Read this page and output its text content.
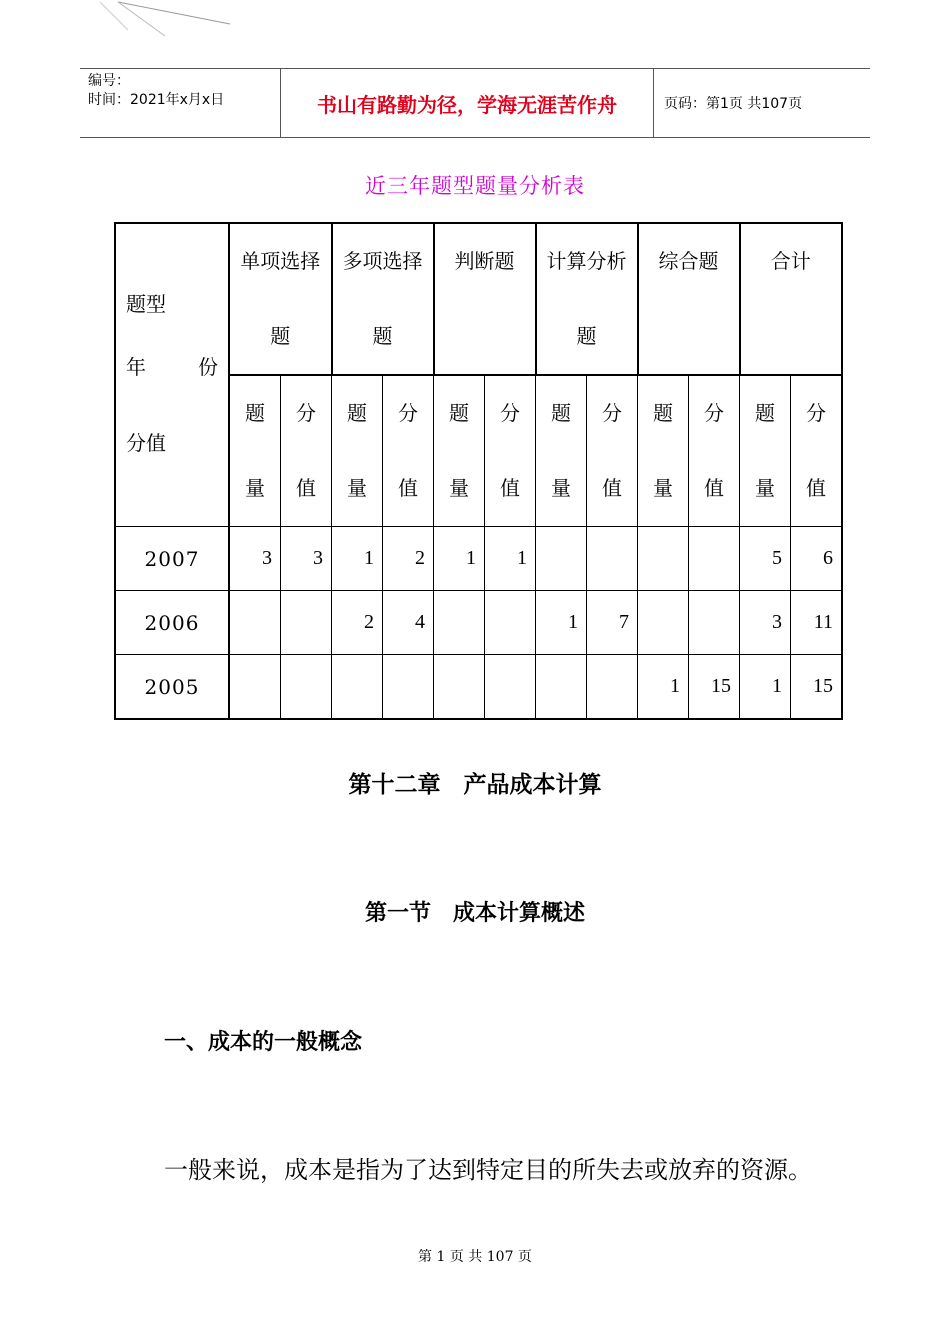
编号：
时间：2021年x月x日	书山有路勤为径，学海无涯苦作舟	页码：第1页 共107页
近三年题型题量分析表
题型
年 份
分值	单项选择题		多项选择题		判断题		计算分析题		综合题		合计	

	题量	分值	题量	分值	题量	分值	题量	分值	题量	分值	题量	分值

2007	3	3	1	2	1	1					5	6
2006			2	4			1	7			3	11
2005									1	15	1	15
第十二章　产品成本计算
第一节　成本计算概述
一、成本的一般概念
一般来说，成本是指为了达到特定目的所失去或放弃的资源。
第 1 页 共 107 页
